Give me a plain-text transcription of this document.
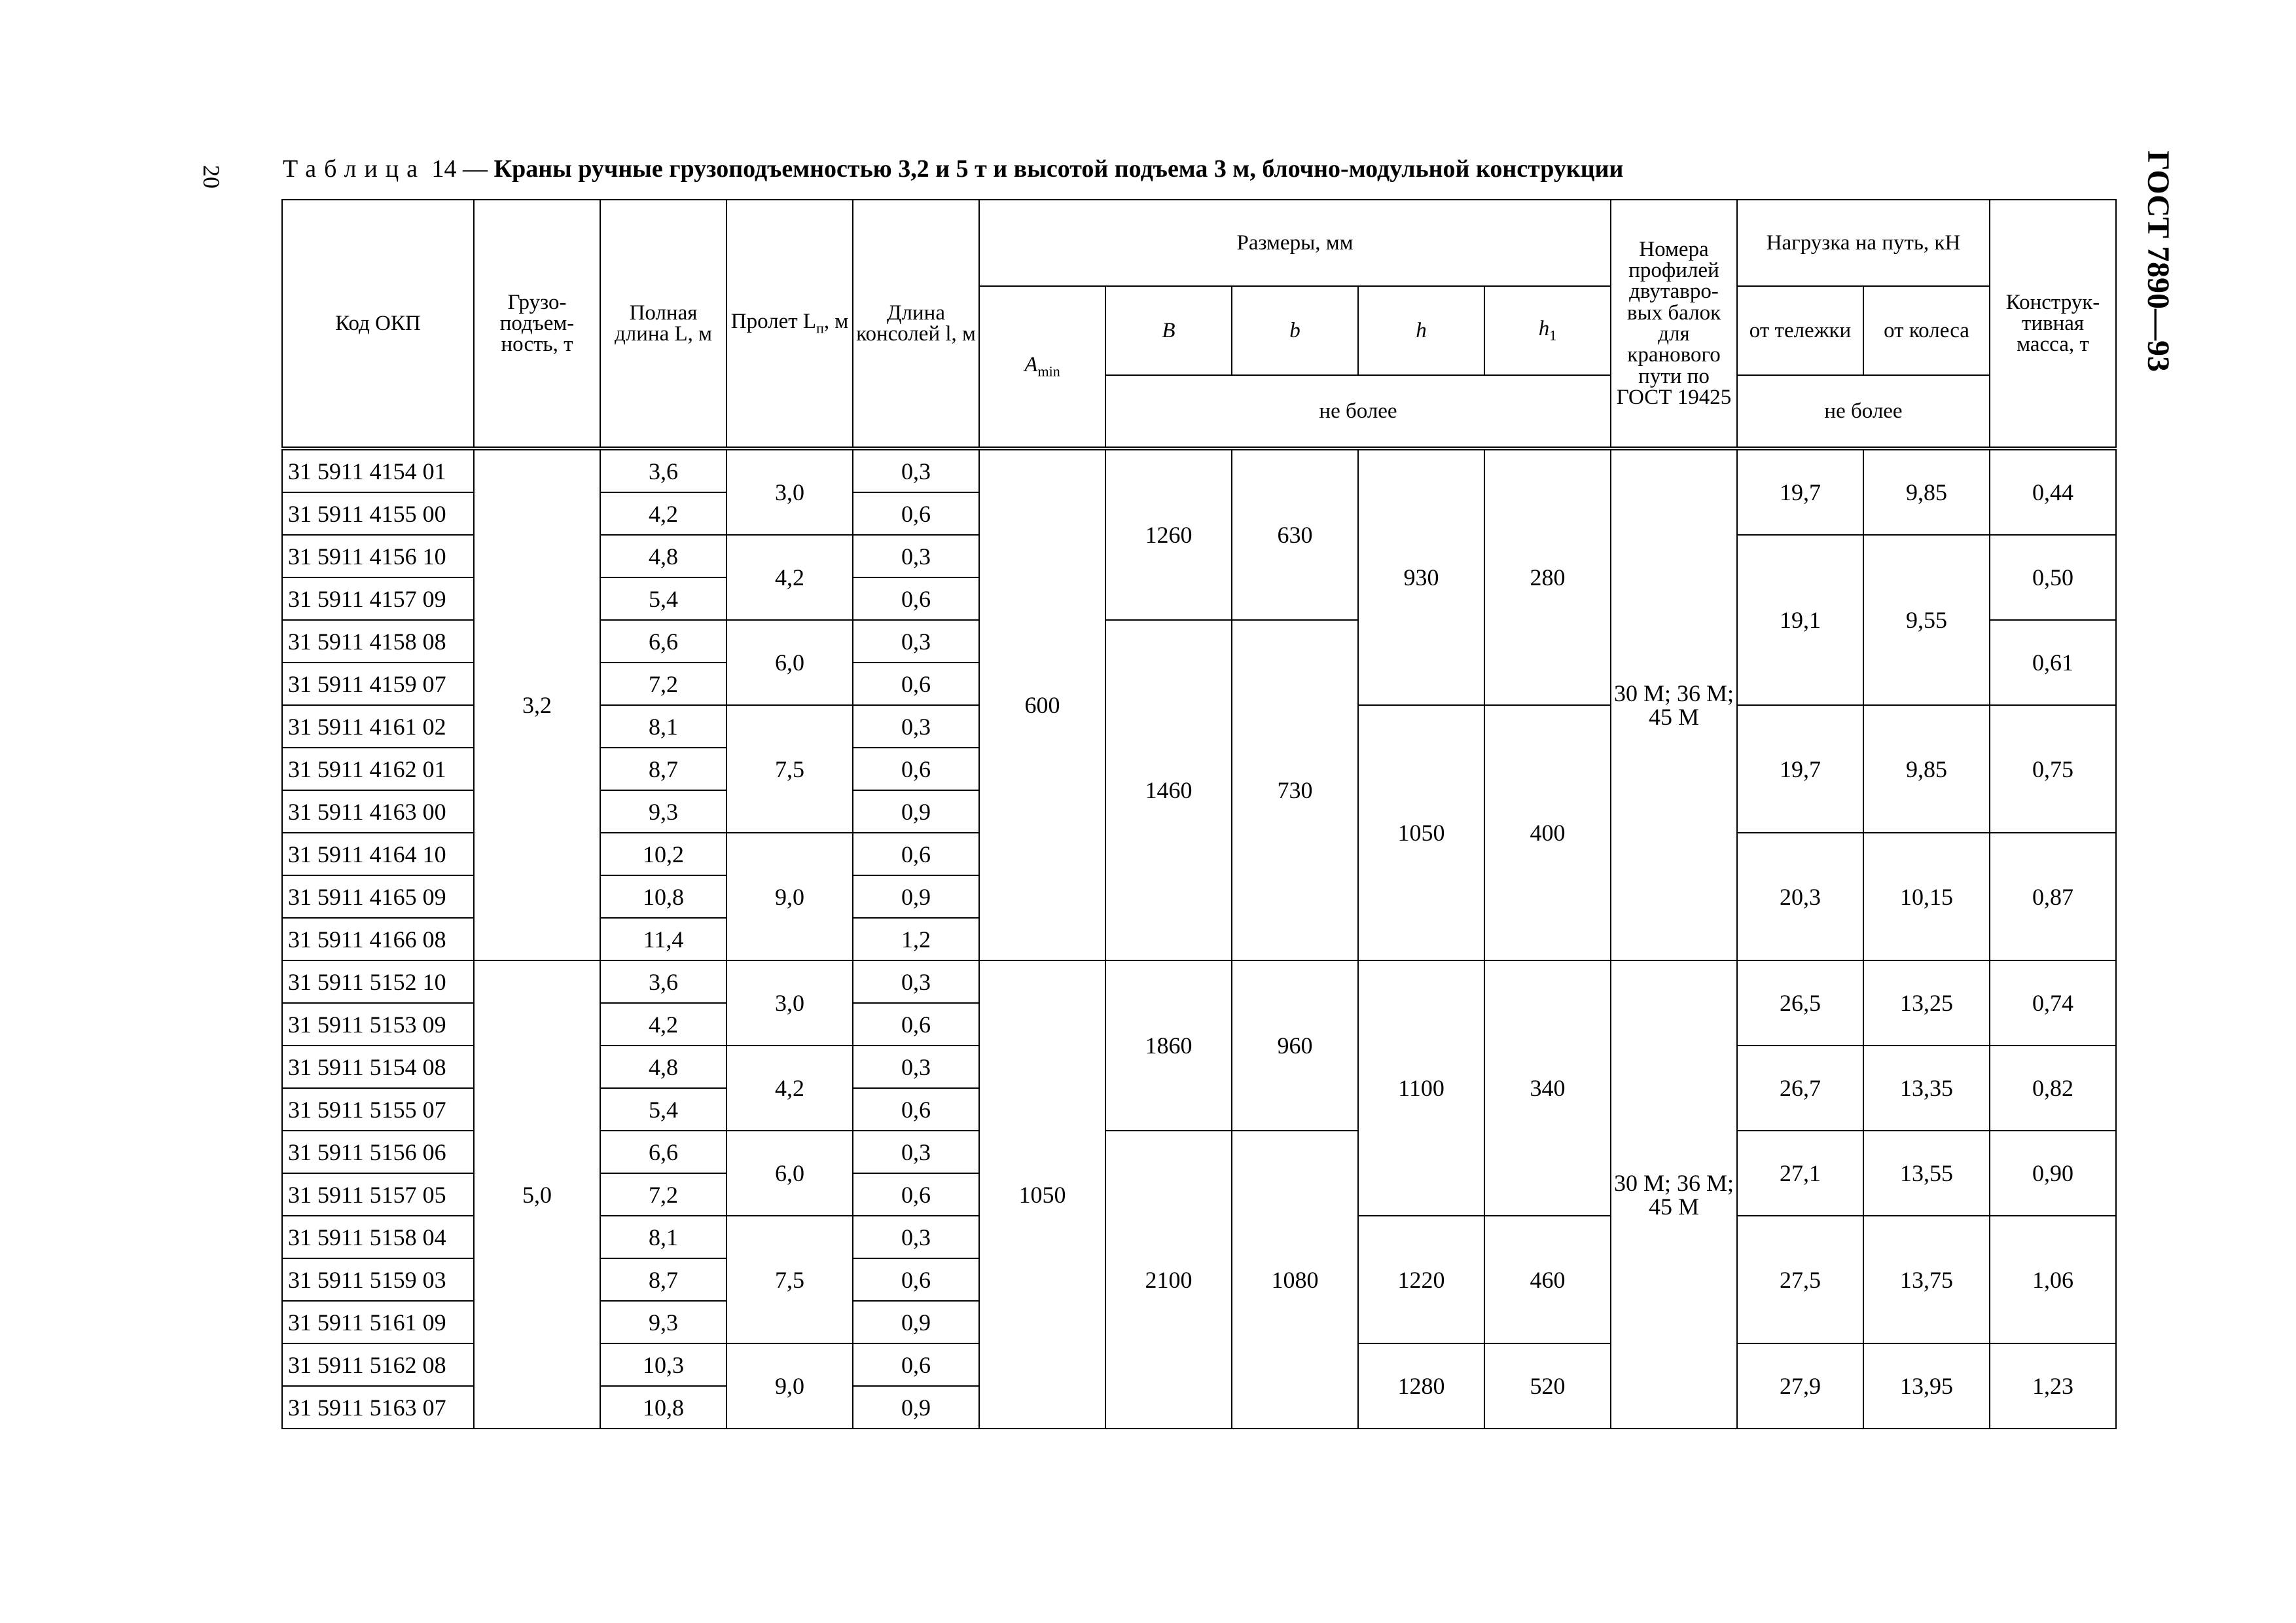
20	ГОСТ 7890—93
Таблица 14 — Краны ручные грузоподъемностью 3,2 и 5 т и высотой подъема 3 м, блочно-модульной конструкции
Код ОКП	Грузо-подъем-ность, т	Полная длина L, м	Пролет $L_п$, м	Длина консолей l, м	Размеры, мм					Номера профилей двутавро-вых балок для кранового пути по ГОСТ 19425	Нагрузка на путь, кН		Конструк-тивная масса, т
					$A_{min}$	B	b	h	$h_1$		от тележки	от колеса	
						не более					не более		
31 5911 4154 01	3,2	3,6	3,0	0,3	600	1260	630	930	280	30 М; 36 М; 45 М	19,7	9,85	0,44
31 5911 4155 00		4,2		0,6									
31 5911 4156 10		4,8	4,2	0,3							19,1	9,55	0,50
31 5911 4157 09		5,4		0,6									
31 5911 4158 08		6,6	6,0	0,3		1460	730						0,61
31 5911 4159 07		7,2		0,6									
31 5911 4161 02		8,1	7,5	0,3				1050	400		19,7	9,85	0,75
31 5911 4162 01		8,7		0,6									
31 5911 4163 00		9,3		0,9									
31 5911 4164 10		10,2	9,0	0,6							20,3	10,15	0,87
31 5911 4165 09		10,8		0,9									
31 5911 4166 08		11,4		1,2									
31 5911 5152 10	5,0	3,6	3,0	0,3	1050	1860	960	1100	340	30 М; 36 М; 45 М	26,5	13,25	0,74
31 5911 5153 09		4,2		0,6									
31 5911 5154 08		4,8	4,2	0,3							26,7	13,35	0,82
31 5911 5155 07		5,4		0,6									
31 5911 5156 06		6,6	6,0	0,3		2100	1080				27,1	13,55	0,90
31 5911 5157 05		7,2		0,6									
31 5911 5158 04		8,1	7,5	0,3				1220	460		27,5	13,75	1,06
31 5911 5159 03		8,7		0,6									
31 5911 5161 09		9,3		0,9									
31 5911 5162 08		10,3	9,0	0,6				1280	520		27,9	13,95	1,23
31 5911 5163 07		10,8		0,9									
